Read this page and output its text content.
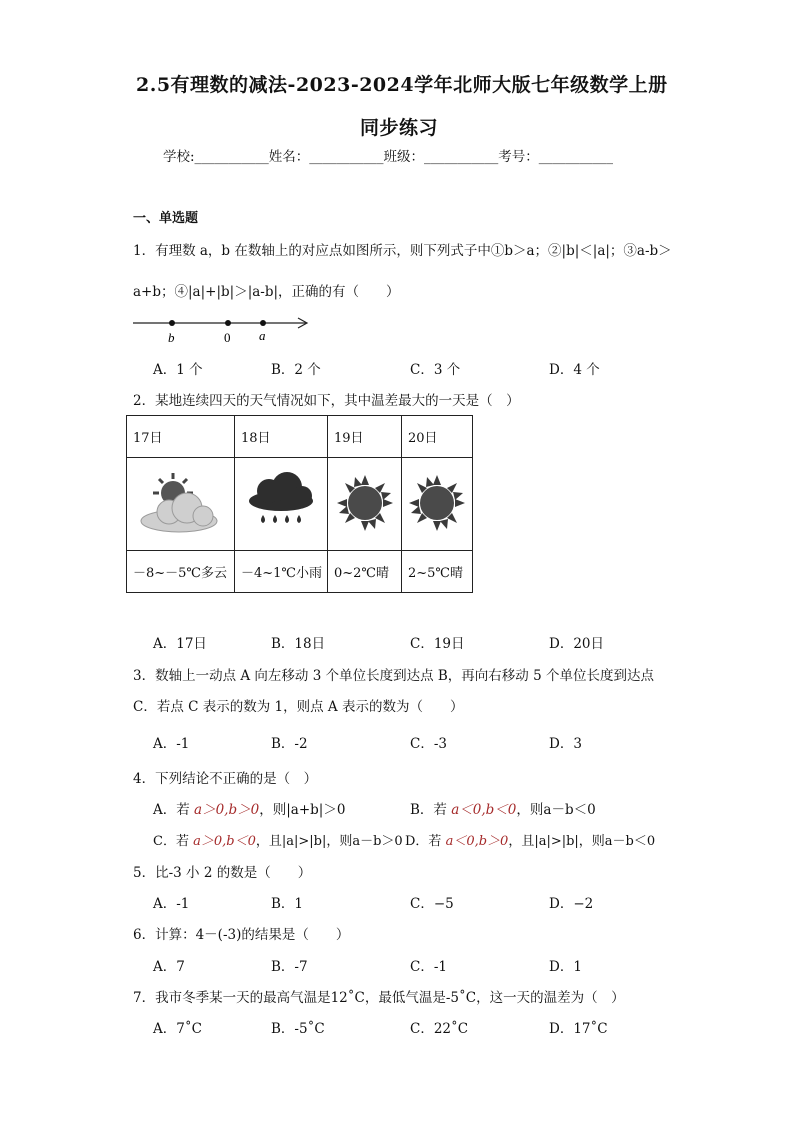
2.5有理数的减法-2023-2024学年北师大版七年级数学上册
同步练习
学校:___________姓名：___________班级：___________考号：___________
一、单选题
1．有理数 a，b 在数轴上的对应点如图所示，则下列式子中①b＞a；②|b|＜|a|；③a-b＞
a+b；④|a|+|b|＞|a-b|，正确的有（　　）
b	0 a
A．1 个	B．2 个	C．3 个	D．4 个
2．某地连续四天的天气情况如下，其中温差最大的一天是（　）
17日	18日	19日	20日

－8~－5℃多云	－4~1℃小雨	0~2℃晴	2~5℃晴
A．17日	B．18日	C．19日	D．20日
3．数轴上一动点 A 向左移动 3 个单位长度到达点 B，再向右移动 5 个单位长度到达点
C．若点 C 表示的数为 1，则点 A 表示的数为（　　）
A．-1	B．-2	C．-3	D．3
4．下列结论不正确的是（　）
A．若 a＞0,b＞0，则|a+b|＞0	B．若 a＜0,b＜0，则a－b＜0
C．若 a＞0,b＜0，且|a|>|b|，则a－b＞0 D．若 a＜0,b＞0，且|a|>|b|，则a－b＜0
5．比-3 小 2 的数是（　　）
A．-1	B．1	C．−5	D．−2
6．计算：4－(-3)的结果是（　　）
A．7	B．-7	C．-1	D．1
7．我市冬季某一天的最高气温是12˚C，最低气温是-5˚C，这一天的温差为（　）
A．7˚C	B．-5˚C	C．22˚C	D．17˚C
